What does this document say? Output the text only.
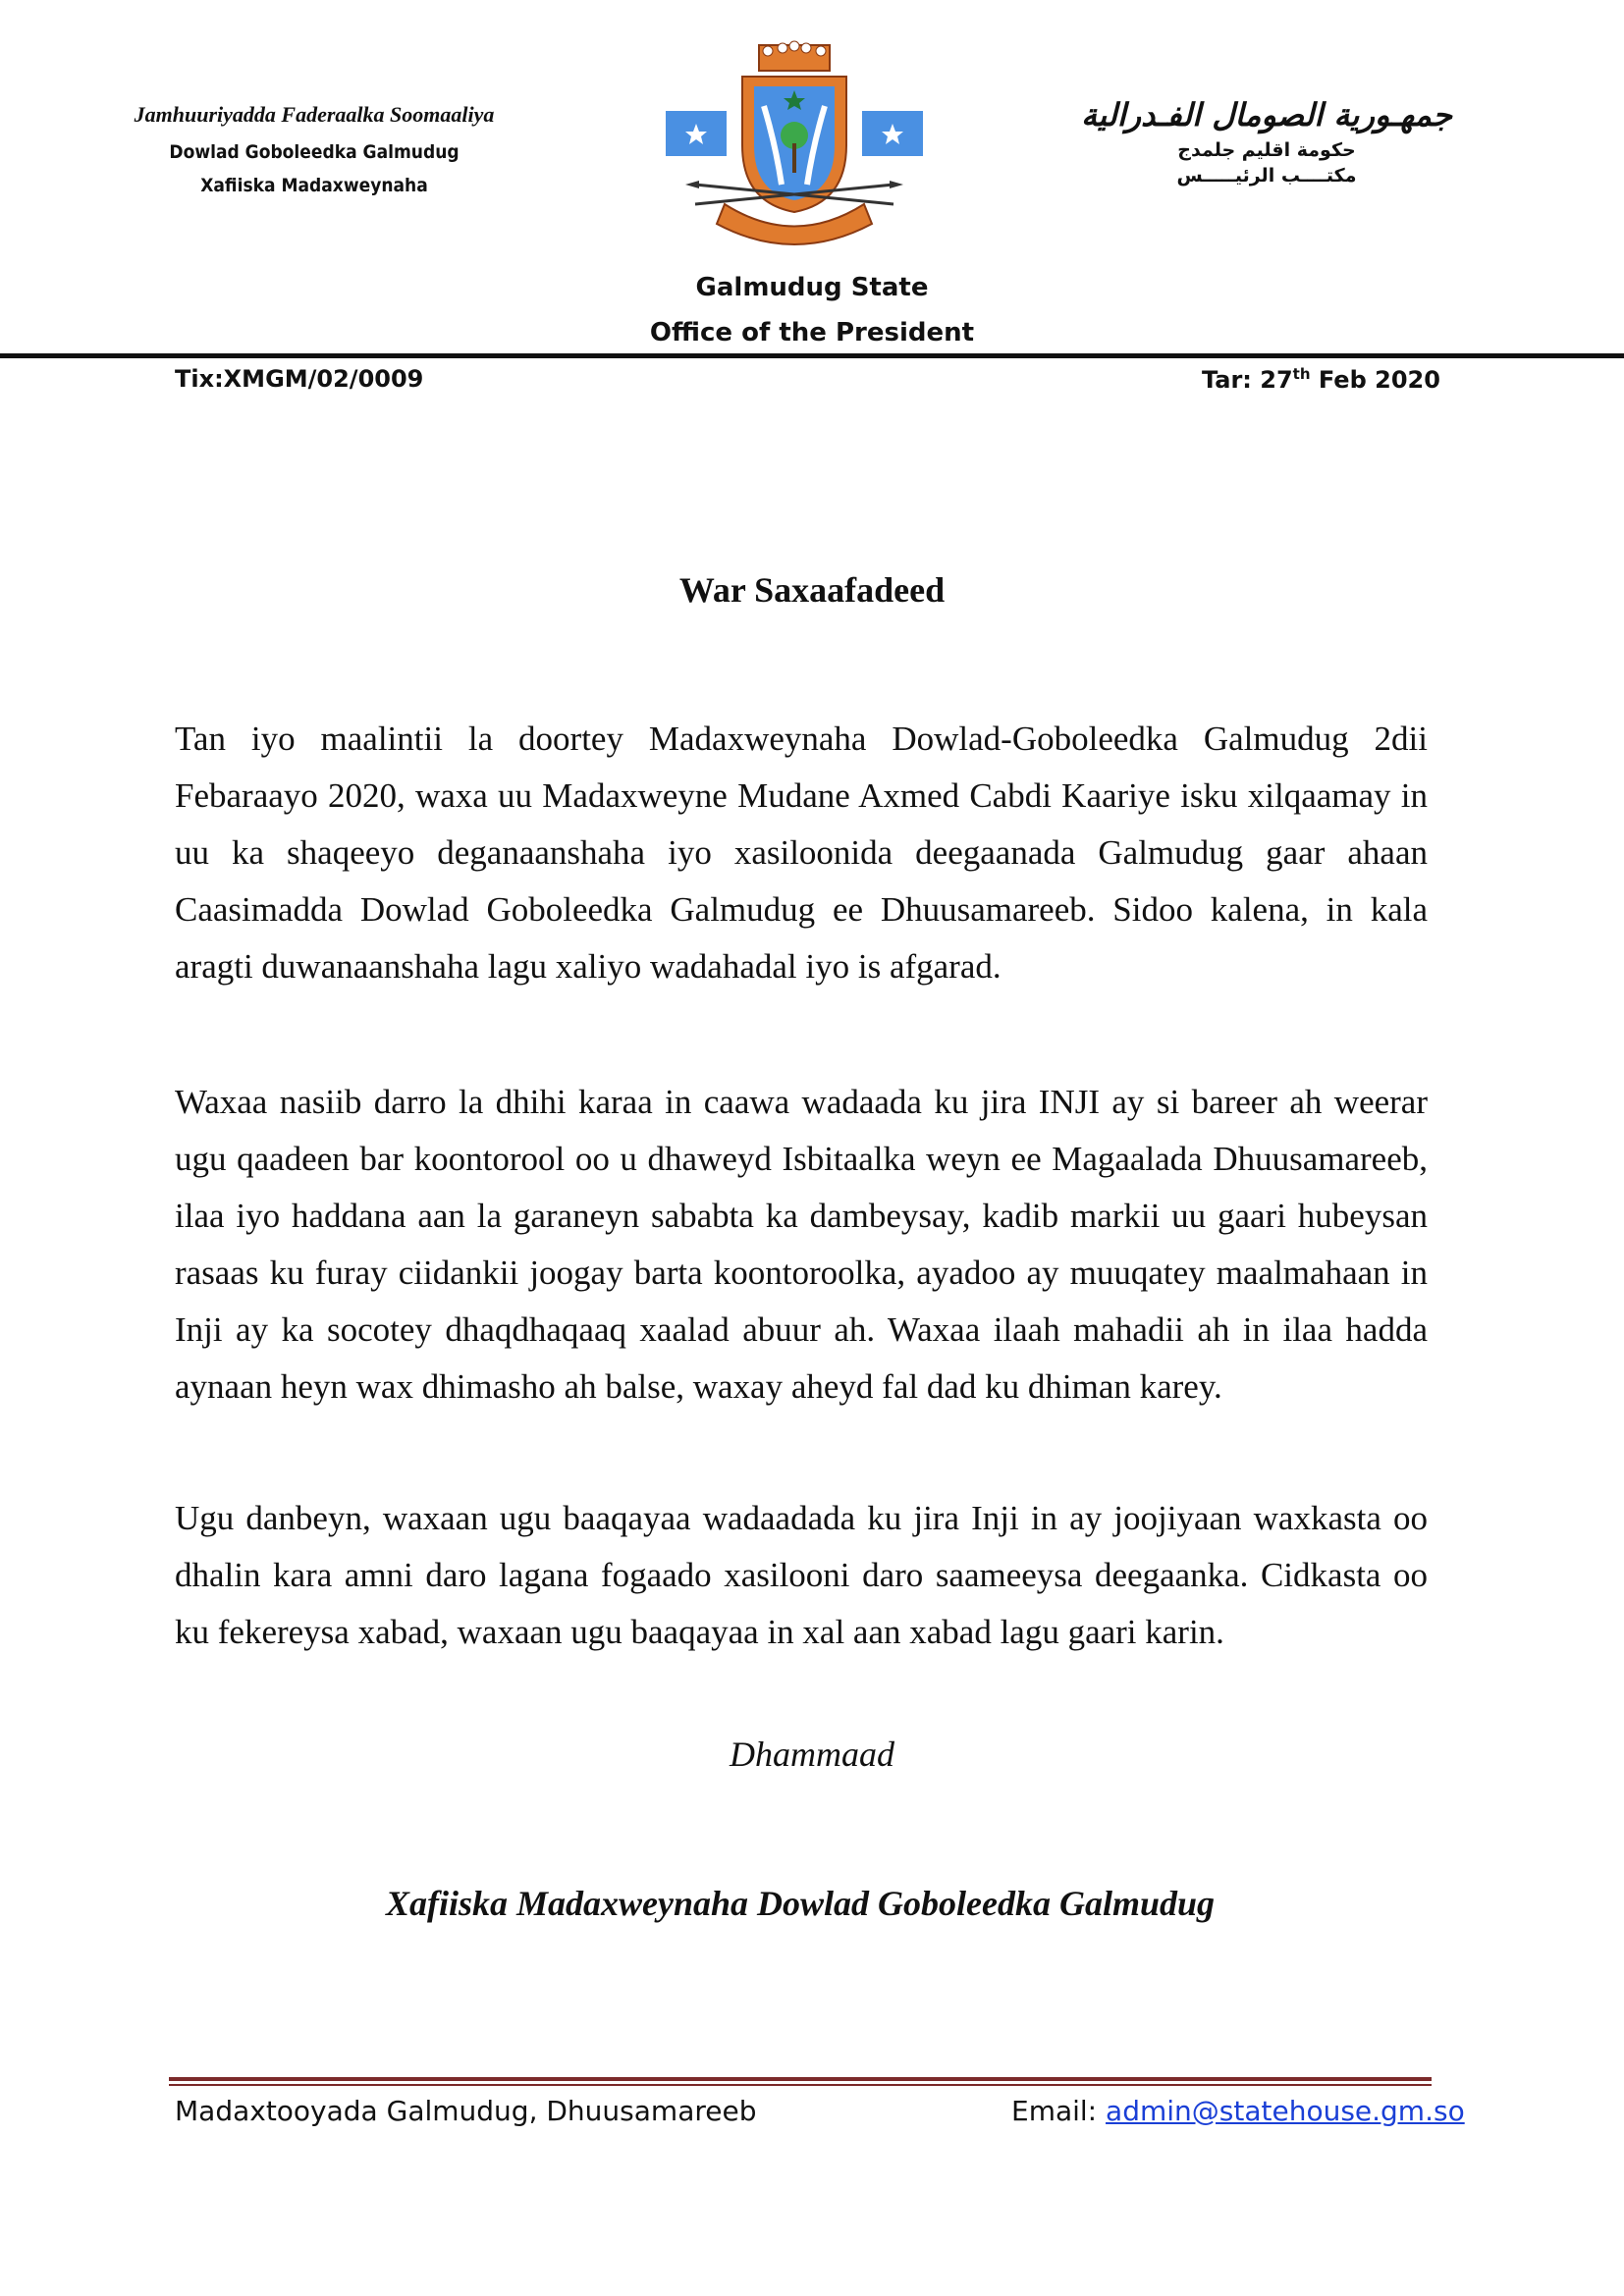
Jamhuuriyadda Faderaalka Soomaaliya
Dowlad Goboleedka Galmudug
Xafiiska Madaxweynaha
جمهـورية الصومال الفـدرالية
حكومة اقليم جلمدج
مكتــــب الرئيـــــس
Galmudug State
Office of the President
Tix:XMGM/02/0009	Tar: 27th Feb 2020
War Saxaafadeed
Tan iyo maalintii la doortey Madaxweynaha Dowlad-Goboleedka Galmudug 2dii Febaraayo 2020, waxa uu Madaxweyne Mudane Axmed Cabdi Kaariye isku xilqaamay in uu ka shaqeeyo deganaanshaha iyo xasiloonida deegaanada Galmudug gaar ahaan Caasimadda Dowlad Goboleedka Galmudug ee Dhuusamareeb. Sidoo kalena, in kala aragti duwanaanshaha lagu xaliyo wadahadal iyo is afgarad.
Waxaa nasiib darro la dhihi karaa in caawa wadaada ku jira INJI ay si bareer ah weerar ugu qaadeen bar koontorool oo u dhaweyd Isbitaalka weyn ee Magaalada Dhuusamareeb, ilaa iyo haddana aan la garaneyn sababta ka dambeysay, kadib markii uu gaari hubeysan rasaas ku furay ciidankii joogay barta koontoroolka, ayadoo ay muuqatey maalmahaan in Inji ay ka socotey dhaqdhaqaaq xaalad abuur ah. Waxaa ilaah mahadii ah in ilaa hadda aynaan heyn wax dhimasho ah balse, waxay aheyd fal dad ku dhiman karey.
Ugu danbeyn, waxaan ugu baaqayaa wadaadada ku jira Inji in ay joojiyaan waxkasta oo dhalin kara amni daro lagana fogaado xasilooni daro saameeysa deegaanka. Cidkasta oo ku fekereysa xabad, waxaan ugu baaqayaa in xal aan xabad lagu gaari karin.
Dhammaad
Xafiiska Madaxweynaha Dowlad Goboleedka Galmudug
Madaxtooyada Galmudug, Dhuusamareeb	Email: admin@statehouse.gm.so
